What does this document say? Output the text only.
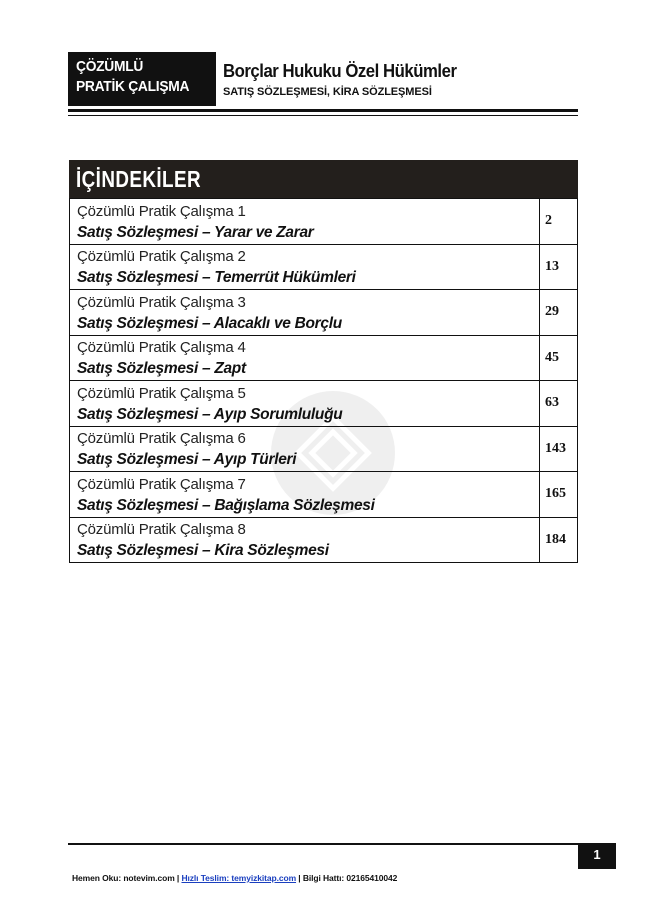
ÇÖZÜMLÜ
PRATİK ÇALIŞMA
Borçlar Hukuku Özel Hükümler
SATIŞ SÖZLEŞMESİ, KİRA SÖZLEŞMESİ
İÇİNDEKİLER
Çözümlü Pratik Çalışma 1
Satış Sözleşmesi – Yarar ve Zarar	2

Çözümlü Pratik Çalışma 2
Satış Sözleşmesi – Temerrüt Hükümleri	13

Çözümlü Pratik Çalışma 3
Satış Sözleşmesi – Alacaklı ve Borçlu	29

Çözümlü Pratik Çalışma 4
Satış Sözleşmesi – Zapt	45

Çözümlü Pratik Çalışma 5
Satış Sözleşmesi – Ayıp Sorumluluğu	63

Çözümlü Pratik Çalışma 6
Satış Sözleşmesi – Ayıp Türleri	143

Çözümlü Pratik Çalışma 7
Satış Sözleşmesi – Bağışlama Sözleşmesi	165

Çözümlü Pratik Çalışma 8
Satış Sözleşmesi – Kira Sözleşmesi	184
1
Hemen Oku: notevim.com | Hızlı Teslim: temyizkitap.com | Bilgi Hattı: 02165410042
